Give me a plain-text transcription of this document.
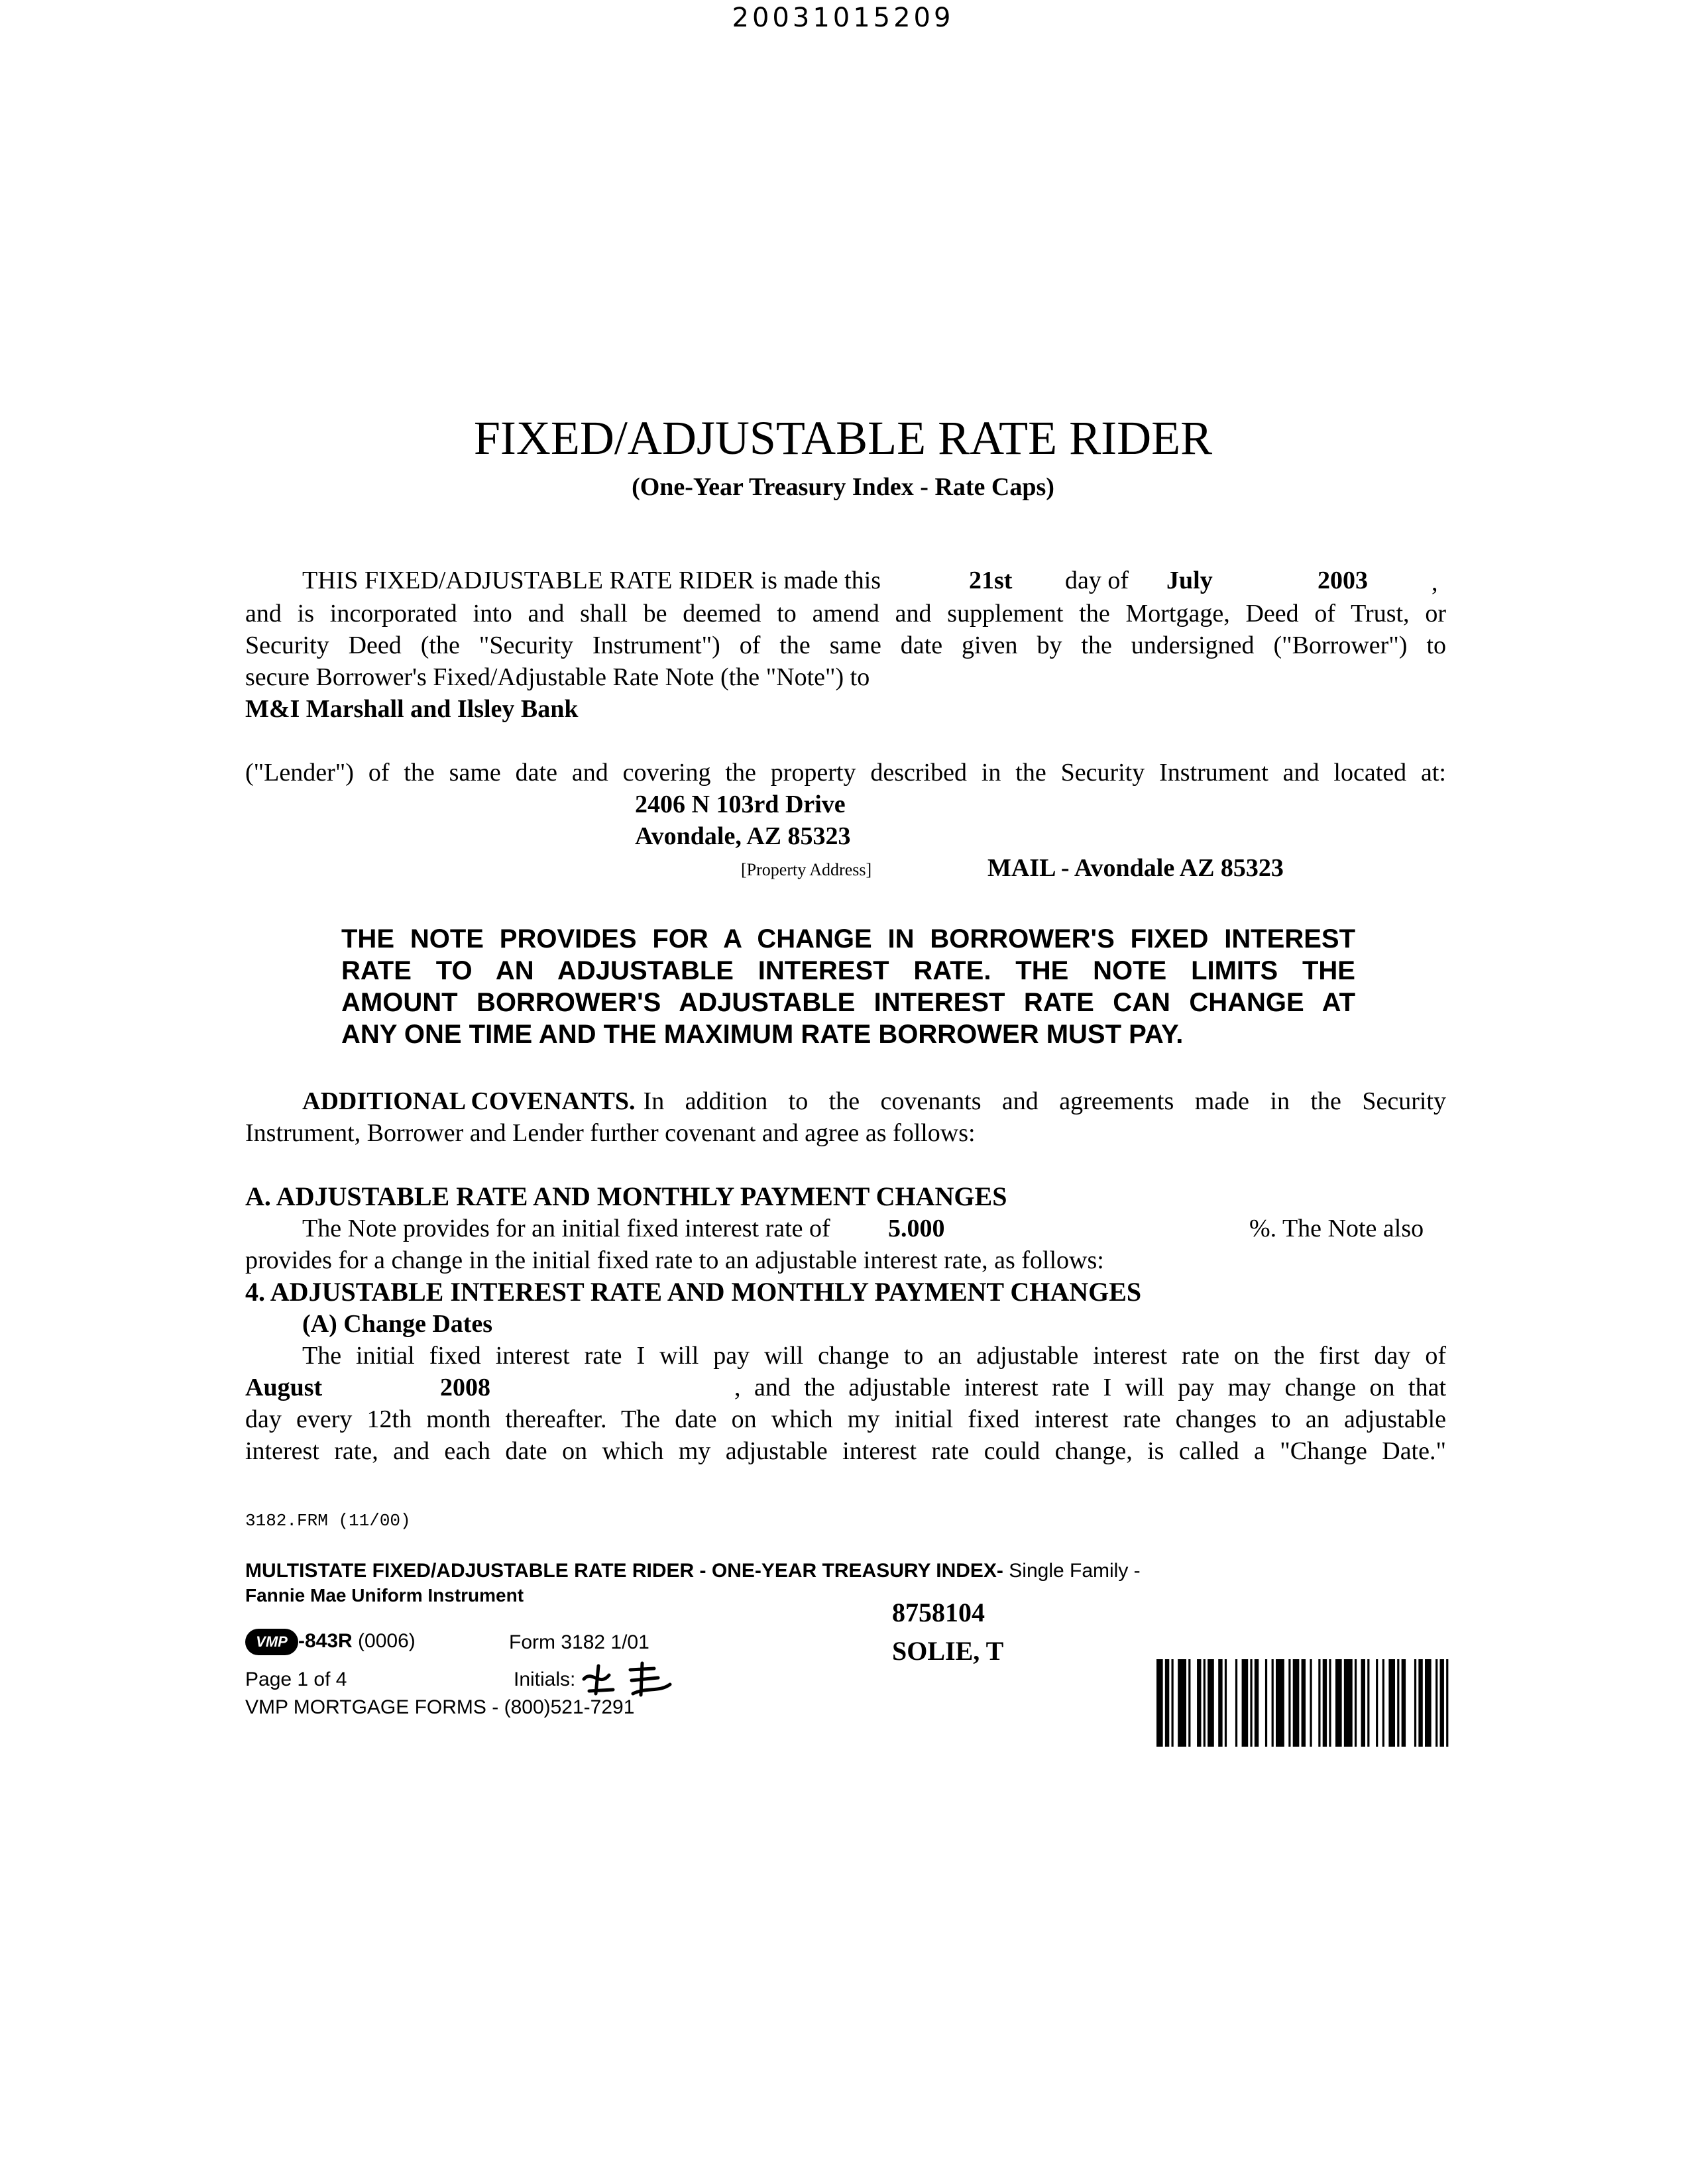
20031015209
FIXED/ADJUSTABLE RATE RIDER
(One-Year Treasury Index - Rate Caps)
THIS FIXED/ADJUSTABLE RATE RIDER is made this	21st day of July	2003	,
and is incorporated into and shall be deemed to amend and supplement the Mortgage, Deed of Trust, or
Security Deed (the "Security Instrument") of the same date given by the undersigned ("Borrower") to
secure Borrower's Fixed/Adjustable Rate Note (the "Note") to
M&I Marshall and Ilsley Bank
("Lender") of the same date and covering the property described in the Security Instrument and located at:
2406 N 103rd Drive
Avondale, AZ 85323
[Property Address]	MAIL - Avondale AZ 85323
THE NOTE PROVIDES FOR A CHANGE IN BORROWER'S FIXED INTEREST
RATE TO AN ADJUSTABLE INTEREST RATE. THE NOTE LIMITS THE
AMOUNT BORROWER'S ADJUSTABLE INTEREST RATE CAN CHANGE AT
ANY ONE TIME AND THE MAXIMUM RATE BORROWER MUST PAY.
ADDITIONAL COVENANTS. In addition to the covenants and agreements made in the Security
Instrument, Borrower and Lender further covenant and agree as follows:
A. ADJUSTABLE RATE AND MONTHLY PAYMENT CHANGES
The Note provides for an initial fixed interest rate of 5.000	%. The Note also
provides for a change in the initial fixed rate to an adjustable interest rate, as follows:
4. ADJUSTABLE INTEREST RATE AND MONTHLY PAYMENT CHANGES
(A) Change Dates
The initial fixed interest rate I will pay will change to an adjustable interest rate on the first day of
August	2008	, and the adjustable interest rate I will pay may change on that
day every 12th month thereafter. The date on which my initial fixed interest rate changes to an adjustable
interest rate, and each date on which my adjustable interest rate could change, is called a "Change Date."
3182.FRM (11/00)
MULTISTATE FIXED/ADJUSTABLE RATE RIDER - ONE-YEAR TREASURY INDEX- Single Family -
Fannie Mae Uniform Instrument
VMP -843R (0006)	Form 3182 1/01
Page 1 of 4	Initials:
VMP MORTGAGE FORMS - (800)521-7291
8758104
SOLIE, T
